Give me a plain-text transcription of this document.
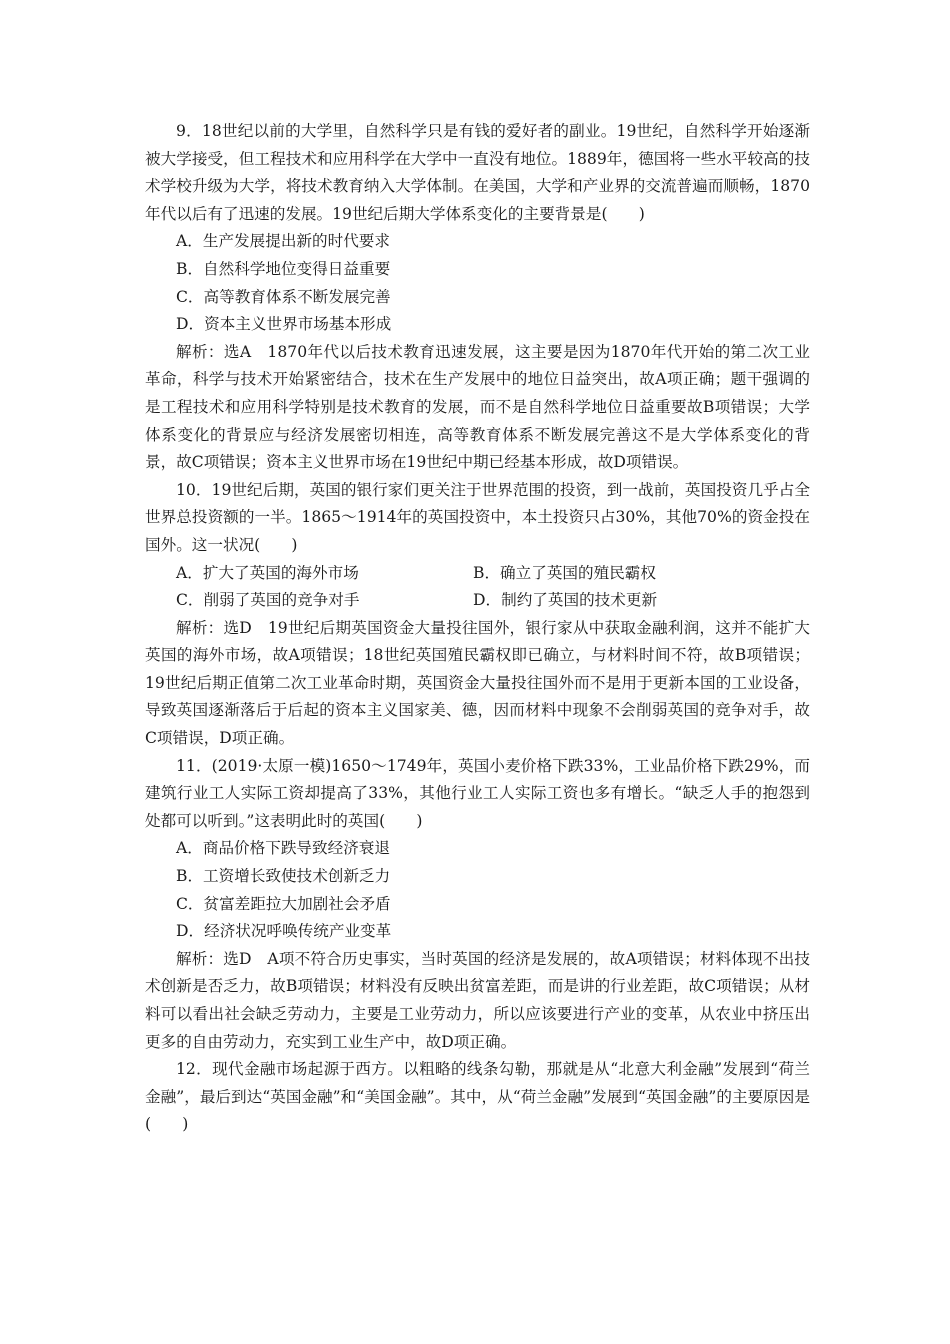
9．18世纪以前的大学里，自然科学只是有钱的爱好者的副业。19世纪，自然科学开始逐渐被大学接受，但工程技术和应用科学在大学中一直没有地位。1889年，德国将一些水平较高的技术学校升级为大学，将技术教育纳入大学体制。在美国，大学和产业界的交流普遍而顺畅，1870年代以后有了迅速的发展。19世纪后期大学体系变化的主要背景是(　　)

A．生产发展提出新的时代要求

B．自然科学地位变得日益重要

C．高等教育体系不断发展完善

D．资本主义世界市场基本形成

解析：选A　1870年代以后技术教育迅速发展，这主要是因为1870年代开始的第二次工业革命，科学与技术开始紧密结合，技术在生产发展中的地位日益突出，故A项正确；题干强调的是工程技术和应用科学特别是技术教育的发展，而不是自然科学地位日益重要故B项错误；大学体系变化的背景应与经济发展密切相连，高等教育体系不断发展完善这不是大学体系变化的背景，故C项错误；资本主义世界市场在19世纪中期已经基本形成，故D项错误。

10．19世纪后期，英国的银行家们更关注于世界范围的投资，到一战前，英国投资几乎占全世界总投资额的一半。1865～1914年的英国投资中，本土投资只占30%，其他70%的资金投在国外。这一状况(　　)

A．扩大了英国的海外市场	B．确立了英国的殖民霸权
C．削弱了英国的竞争对手	D．制约了英国的技术更新

解析：选D　19世纪后期英国资金大量投往国外，银行家从中获取金融利润，这并不能扩大英国的海外市场，故A项错误；18世纪英国殖民霸权即已确立，与材料时间不符，故B项错误；19世纪后期正值第二次工业革命时期，英国资金大量投往国外而不是用于更新本国的工业设备，导致英国逐渐落后于后起的资本主义国家美、德，因而材料中现象不会削弱英国的竞争对手，故C项错误，D项正确。

11．(2019·太原一模)1650～1749年，英国小麦价格下跌33%，工业品价格下跌29%，而建筑行业工人实际工资却提高了33%，其他行业工人实际工资也多有增长。“缺乏人手的抱怨到处都可以听到。”这表明此时的英国(　　)

A．商品价格下跌导致经济衰退

B．工资增长致使技术创新乏力

C．贫富差距拉大加剧社会矛盾

D．经济状况呼唤传统产业变革

解析：选D　A项不符合历史事实，当时英国的经济是发展的，故A项错误；材料体现不出技术创新是否乏力，故B项错误；材料没有反映出贫富差距，而是讲的行业差距，故C项错误；从材料可以看出社会缺乏劳动力，主要是工业劳动力，所以应该要进行产业的变革，从农业中挤压出更多的自由劳动力，充实到工业生产中，故D项正确。

12．现代金融市场起源于西方。以粗略的线条勾勒，那就是从“北意大利金融”发展到“荷兰金融”，最后到达“英国金融”和“美国金融”。其中，从“荷兰金融”发展到“英国金融”的主要原因是(　　)
